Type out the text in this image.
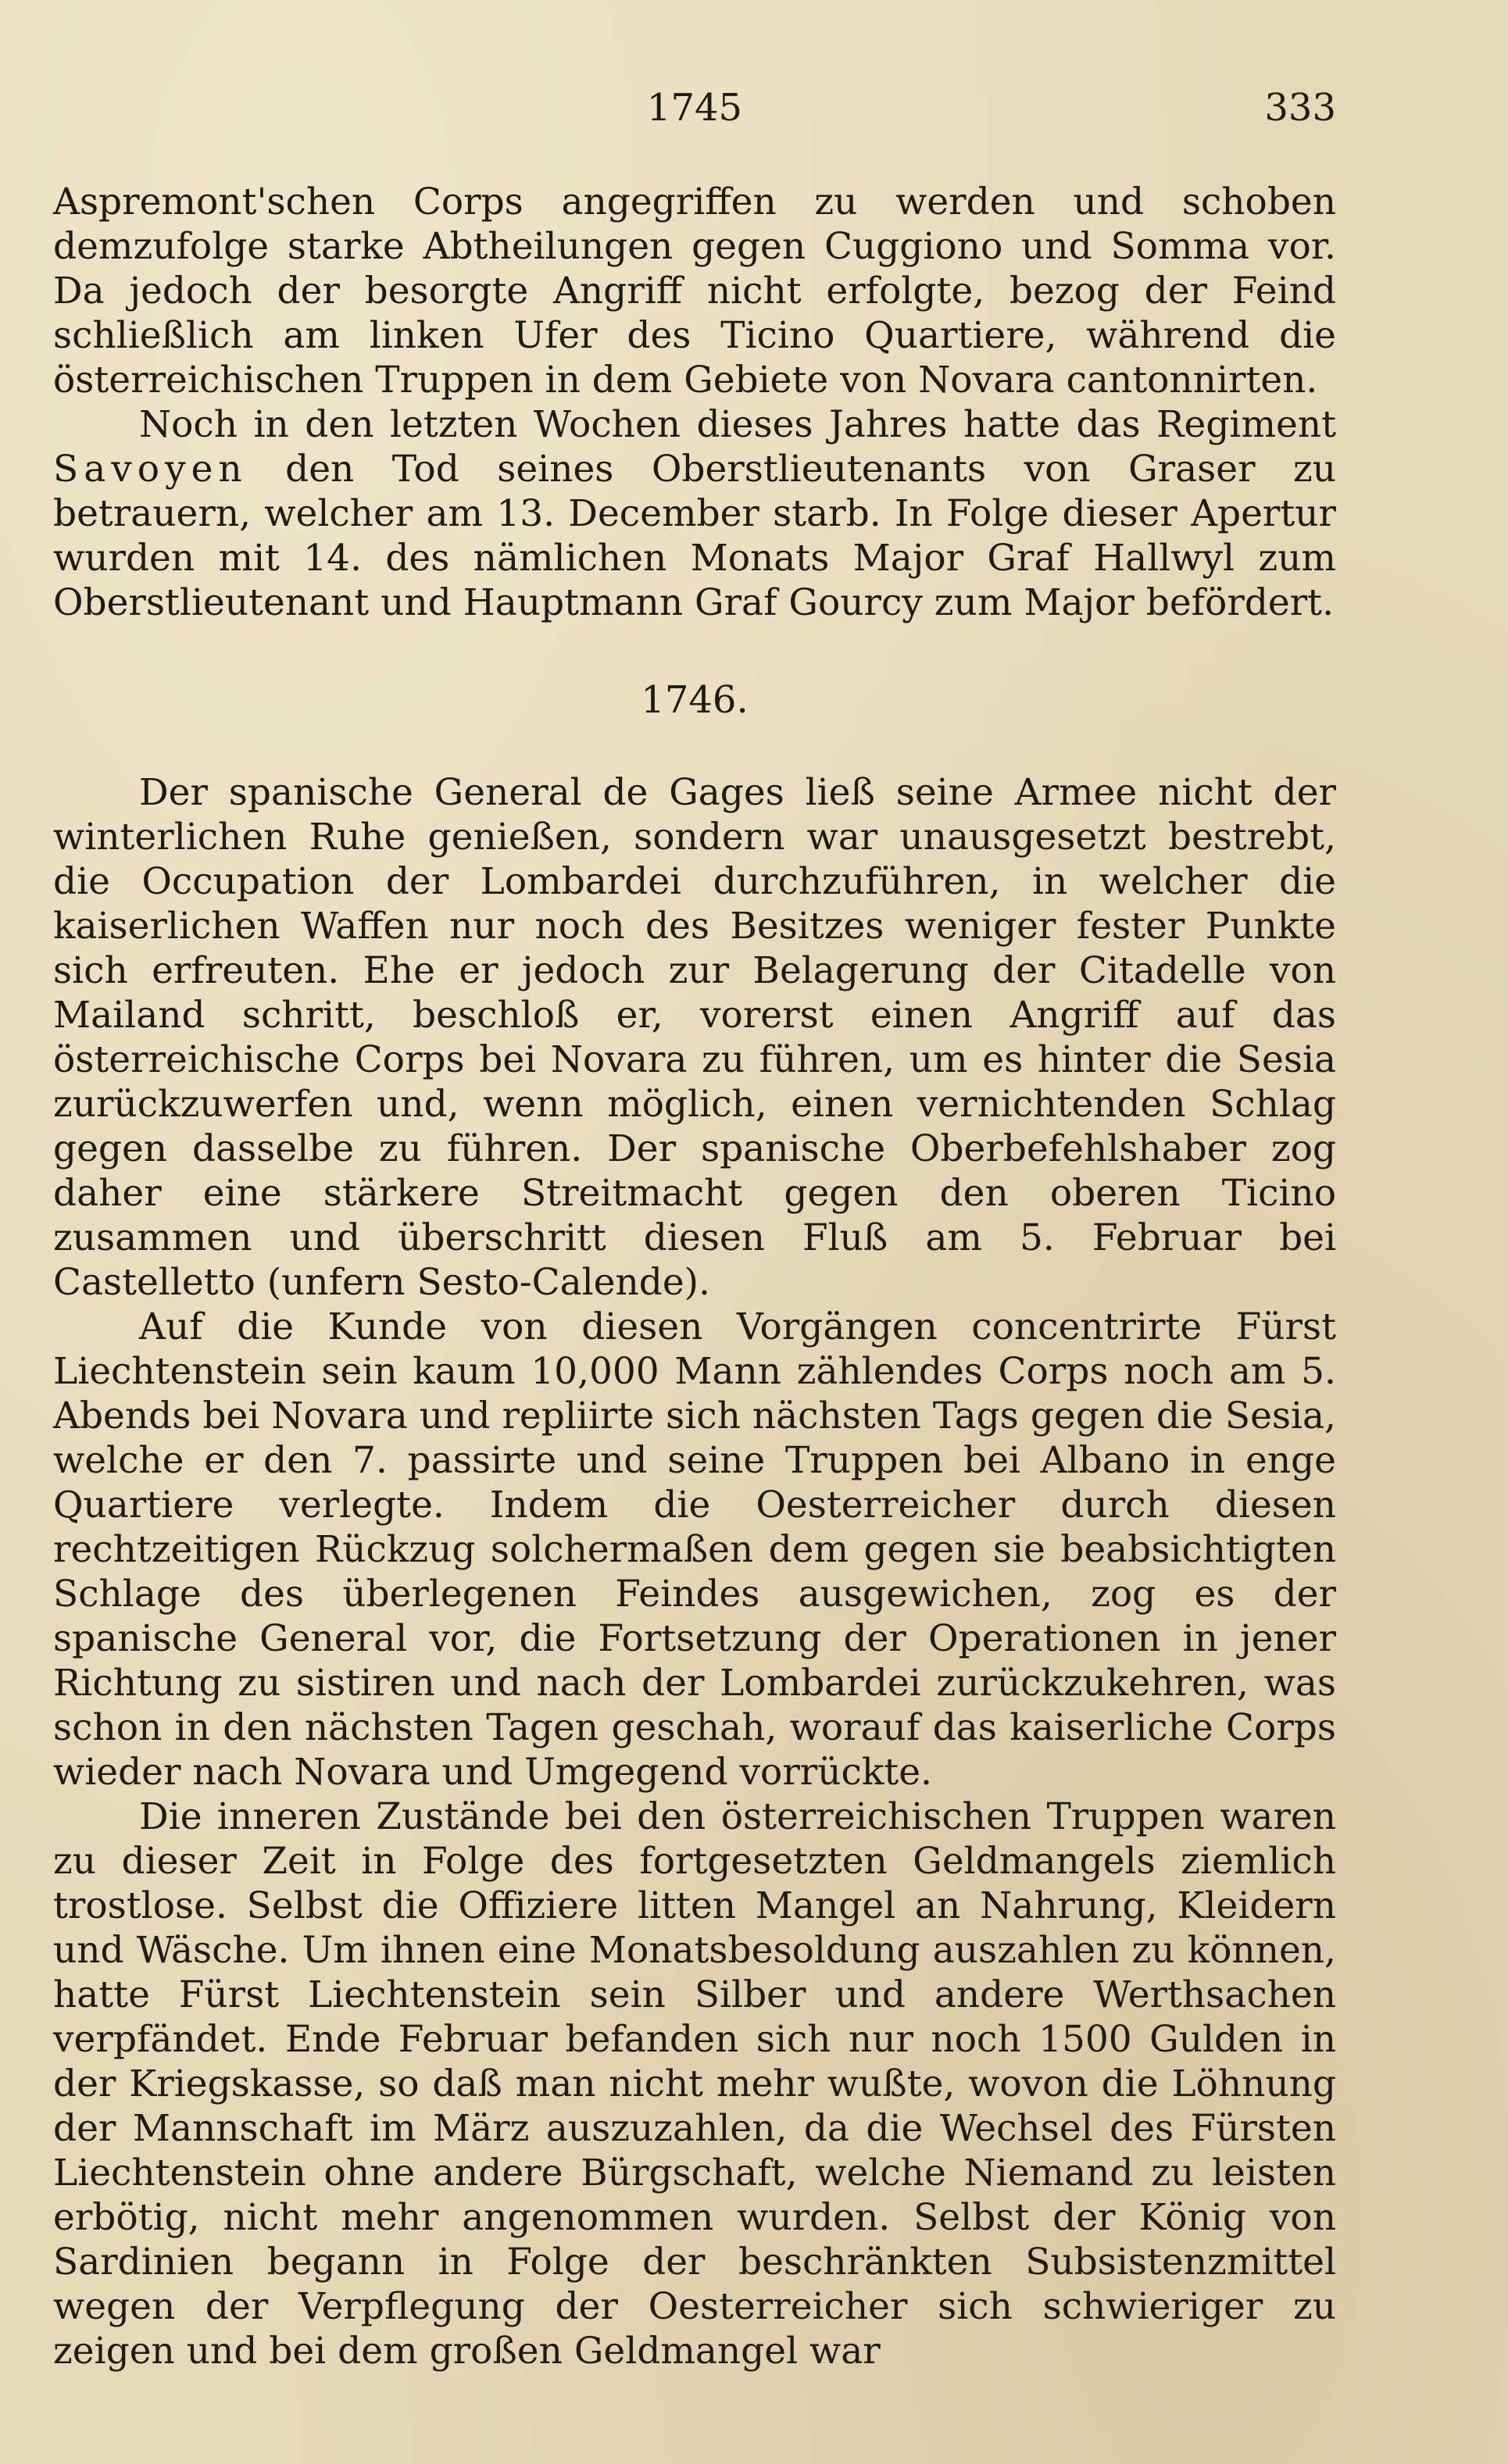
1745	333

Aspremont'schen Corps angegriffen zu werden und schoben demzufolge starke Abtheilungen gegen Cuggiono und Somma vor. Da jedoch der besorgte Angriff nicht erfolgte, bezog der Feind schließlich am linken Ufer des Ticino Quartiere, während die österreichischen Truppen in dem Gebiete von Novara cantonnirten.

Noch in den letzten Wochen dieses Jahres hatte das Regiment Savoyen den Tod seines Oberstlieutenants von Graser zu betrauern, welcher am 13. December starb. In Folge dieser Apertur wurden mit 14. des nämlichen Monats Major Graf Hallwyl zum Oberstlieutenant und Hauptmann Graf Gourcy zum Major befördert.

1746.

Der spanische General de Gages ließ seine Armee nicht der winterlichen Ruhe genießen, sondern war unausgesetzt bestrebt, die Occupation der Lombardei durchzuführen, in welcher die kaiserlichen Waffen nur noch des Besitzes weniger fester Punkte sich erfreuten. Ehe er jedoch zur Belagerung der Citadelle von Mailand schritt, beschloß er, vorerst einen Angriff auf das österreichische Corps bei Novara zu führen, um es hinter die Sesia zurückzuwerfen und, wenn möglich, einen vernichtenden Schlag gegen dasselbe zu führen. Der spanische Oberbefehlshaber zog daher eine stärkere Streitmacht gegen den oberen Ticino zusammen und überschritt diesen Fluß am 5. Februar bei Castelletto (unfern Sesto-Calende).

Auf die Kunde von diesen Vorgängen concentrirte Fürst Liechtenstein sein kaum 10,000 Mann zählendes Corps noch am 5. Abends bei Novara und repliirte sich nächsten Tags gegen die Sesia, welche er den 7. passirte und seine Truppen bei Albano in enge Quartiere verlegte. Indem die Oesterreicher durch diesen rechtzeitigen Rückzug solchermaßen dem gegen sie beabsichtigten Schlage des überlegenen Feindes ausgewichen, zog es der spanische General vor, die Fortsetzung der Operationen in jener Richtung zu sistiren und nach der Lombardei zurückzukehren, was schon in den nächsten Tagen geschah, worauf das kaiserliche Corps wieder nach Novara und Umgegend vorrückte.

Die inneren Zustände bei den österreichischen Truppen waren zu dieser Zeit in Folge des fortgesetzten Geldmangels ziemlich trostlose. Selbst die Offiziere litten Mangel an Nahrung, Kleidern und Wäsche. Um ihnen eine Monatsbesoldung auszahlen zu können, hatte Fürst Liechtenstein sein Silber und andere Werthsachen verpfändet. Ende Februar befanden sich nur noch 1500 Gulden in der Kriegskasse, so daß man nicht mehr wußte, wovon die Löhnung der Mannschaft im März auszuzahlen, da die Wechsel des Fürsten Liechtenstein ohne andere Bürgschaft, welche Niemand zu leisten erbötig, nicht mehr angenommen wurden. Selbst der König von Sardinien begann in Folge der beschränkten Subsistenzmittel wegen der Verpflegung der Oesterreicher sich schwieriger zu zeigen und bei dem großen Geldmangel war
